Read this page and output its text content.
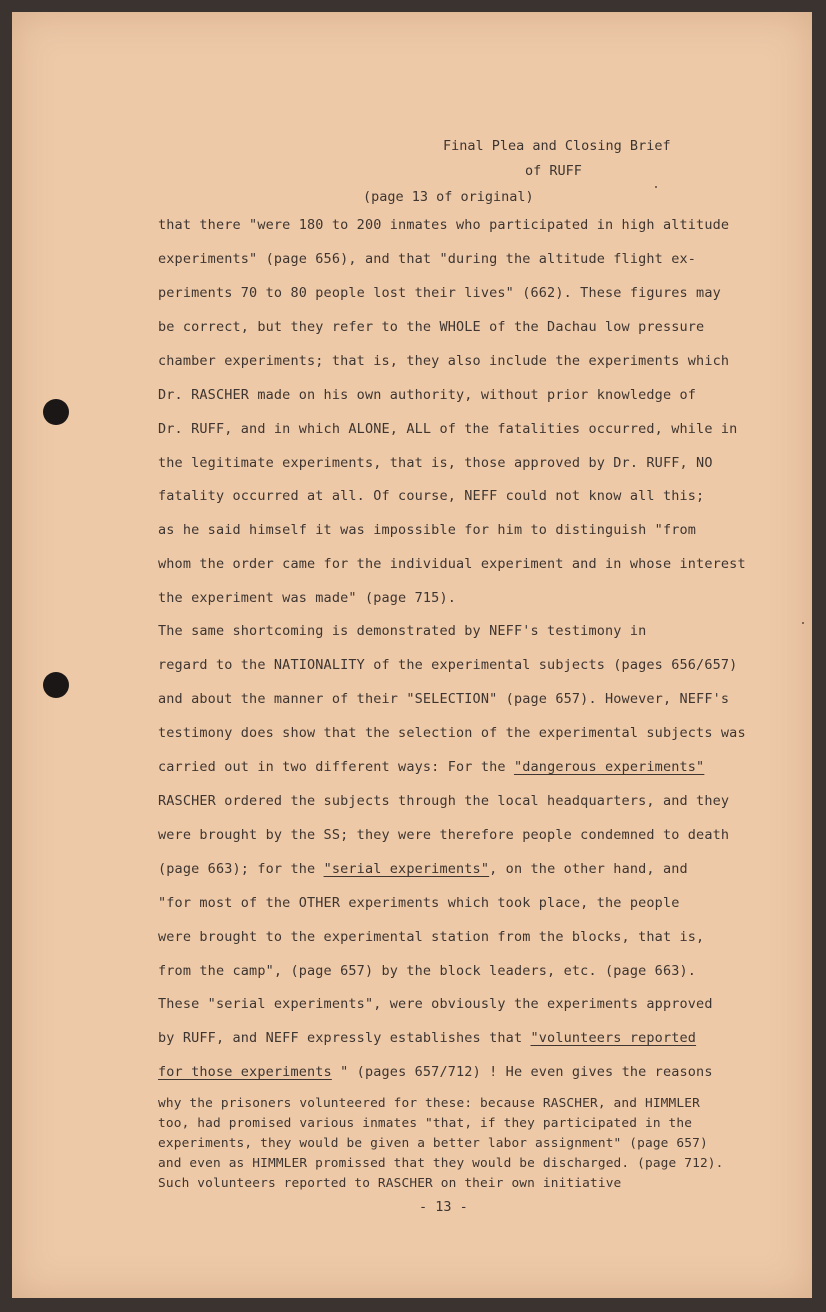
Final Plea and Closing Brief
of RUFF
(page 13 of original)
that there "were 180 to 200 inmates who participated in high altitude
experiments" (page 656), and that "during the altitude flight ex-
periments 70 to 80 people lost their lives" (662). These figures may
be correct, but they refer to the WHOLE of the Dachau low pressure
chamber experiments; that is, they also include the experiments which
Dr. RASCHER made on his own authority, without prior knowledge of
Dr. RUFF, and in which ALONE, ALL of the fatalities occurred, while in
the legitimate experiments, that is, those approved by Dr. RUFF, NO
fatality occurred at all. Of course, NEFF could not know all this;
as he said himself it was impossible for him to distinguish "from
whom the order came for the individual experiment and in whose interest
the experiment was made" (page 715).
The same shortcoming is demonstrated by NEFF's testimony in
regard to the NATIONALITY of the experimental subjects (pages 656/657)
and about the manner of their "SELECTION" (page 657). However, NEFF's
testimony does show that the selection of the experimental subjects was
carried out in two different ways: For the "dangerous experiments"
RASCHER ordered the subjects through the local headquarters, and they
were brought by the SS; they were therefore people condemned to death
(page 663); for the "serial experiments", on the other hand, and
"for most of the OTHER experiments which took place, the people
were brought to the experimental station from the blocks, that is,
from the camp", (page 657) by the block leaders, etc. (page 663).
These "serial experiments", were obviously the experiments approved
by RUFF, and NEFF expressly establishes that "volunteers reported
for those experiments " (pages 657/712) ! He even gives the reasons
why the prisoners volunteered for these: because RASCHER, and HIMMLER
too, had promised various inmates "that, if they participated in the
experiments, they would be given a better labor assignment" (page 657)
and even as HIMMLER promissed that they would be discharged. (page 712).
Such volunteers reported to RASCHER on their own initiative
- 13 -
